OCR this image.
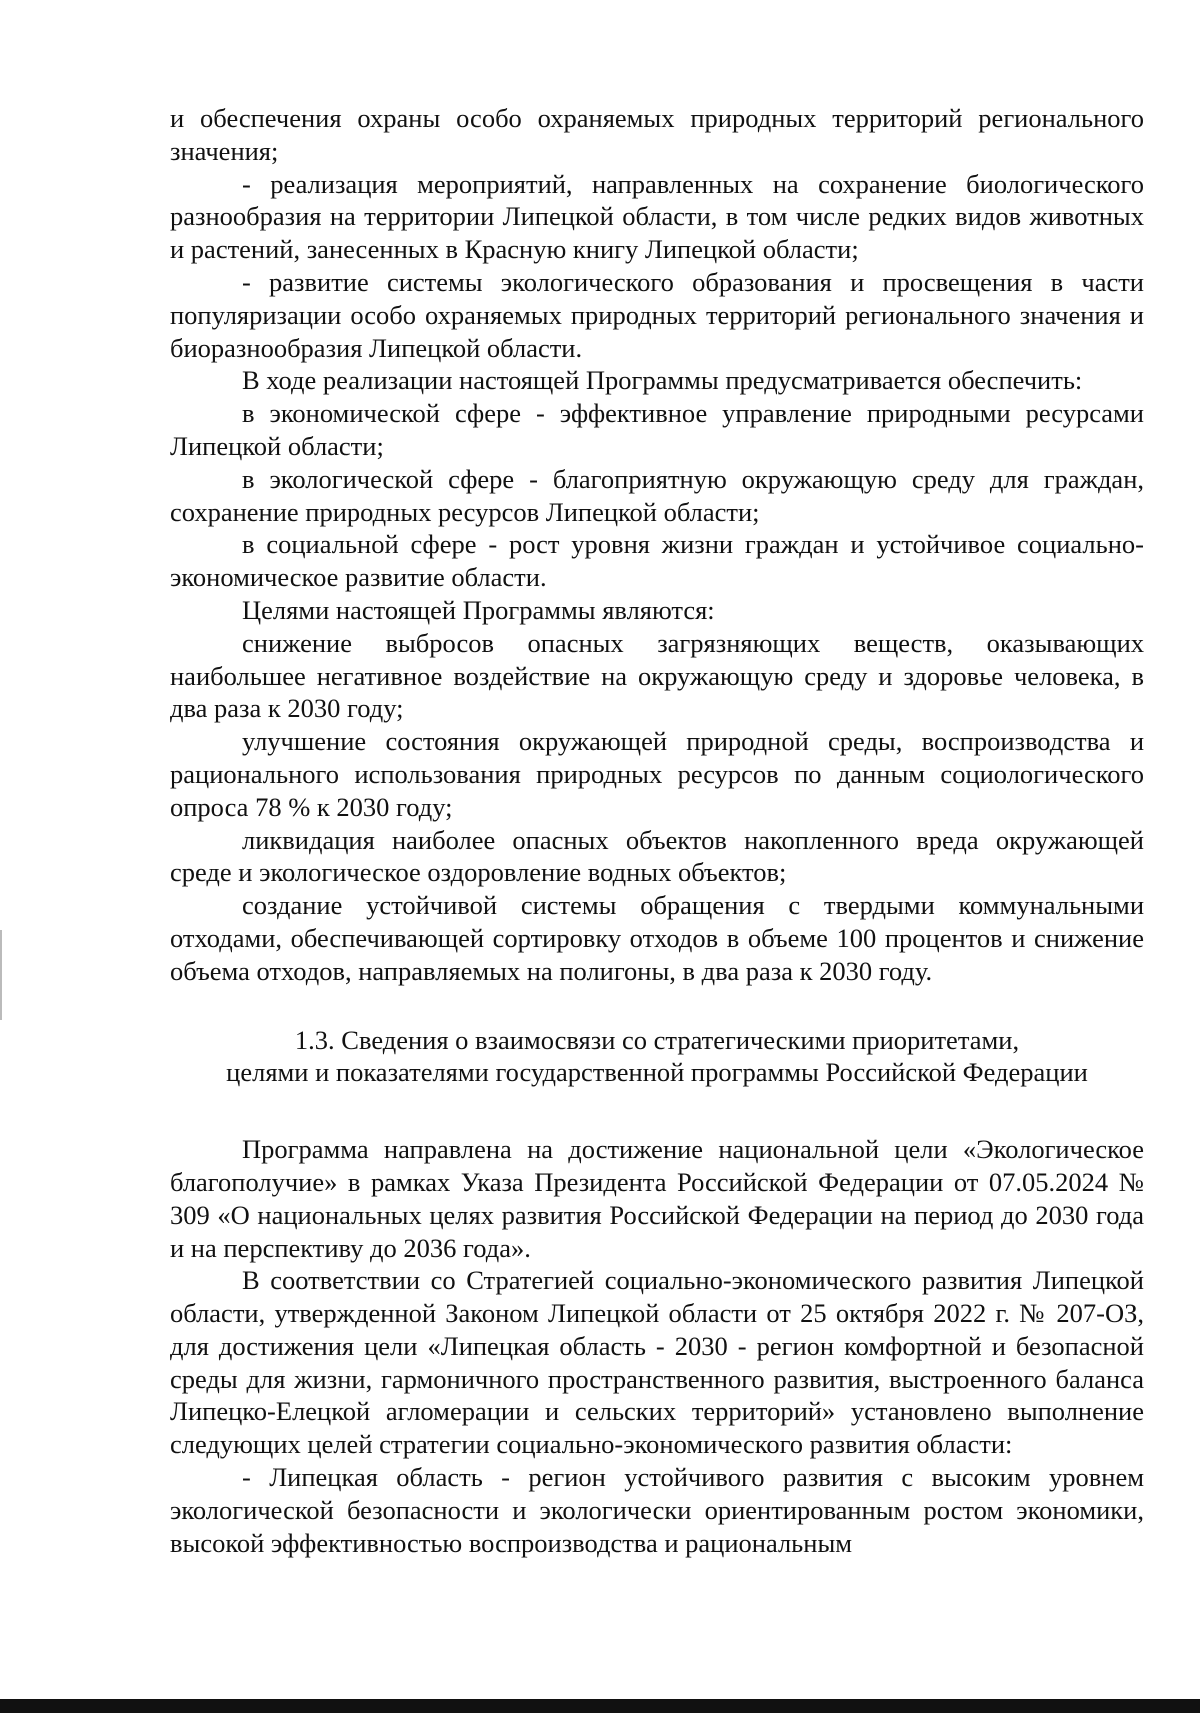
и обеспечения охраны особо охраняемых природных территорий регионального значения;

- реализация мероприятий, направленных на сохранение биологического разнообразия на территории Липецкой области, в том числе редких видов животных и растений, занесенных в Красную книгу Липецкой области;

- развитие системы экологического образования и просвещения в части популяризации особо охраняемых природных территорий регионального значения и биоразнообразия Липецкой области.

В ходе реализации настоящей Программы предусматривается обеспечить:

в экономической сфере - эффективное управление природными ресурсами Липецкой области;

в экологической сфере - благоприятную окружающую среду для граждан, сохранение природных ресурсов Липецкой области;

в социальной сфере - рост уровня жизни граждан и устойчивое социально-экономическое развитие области.

Целями настоящей Программы являются:

снижение выбросов опасных загрязняющих веществ, оказывающих наибольшее негативное воздействие на окружающую среду и здоровье человека, в два раза к 2030 году;

улучшение состояния окружающей природной среды, воспроизводства и рационального использования природных ресурсов по данным социологического опроса 78 % к 2030 году;

ликвидация наиболее опасных объектов накопленного вреда окружающей среде и экологическое оздоровление водных объектов;

создание устойчивой системы обращения с твердыми коммунальными отходами, обеспечивающей сортировку отходов в объеме 100 процентов и снижение объема отходов, направляемых на полигоны, в два раза к 2030 году.

1.3. Сведения о взаимосвязи со стратегическими приоритетами,
целями и показателями государственной программы Российской Федерации

Программа направлена на достижение национальной цели «Экологическое благополучие» в рамках Указа Президента Российской Федерации от 07.05.2024 № 309 «О национальных целях развития Российской Федерации на период до 2030 года и на перспективу до 2036 года».

В соответствии со Стратегией социально-экономического развития Липецкой области, утвержденной Законом Липецкой области от 25 октября 2022 г. № 207-ОЗ, для достижения цели «Липецкая область - 2030 - регион комфортной и безопасной среды для жизни, гармоничного пространственного развития, выстроенного баланса Липецко-Елецкой агломерации и сельских территорий» установлено выполнение следующих целей стратегии социально-экономического развития области:

- Липецкая область - регион устойчивого развития с высоким уровнем экологической безопасности и экологически ориентированным ростом экономики, высокой эффективностью воспроизводства и рациональным
